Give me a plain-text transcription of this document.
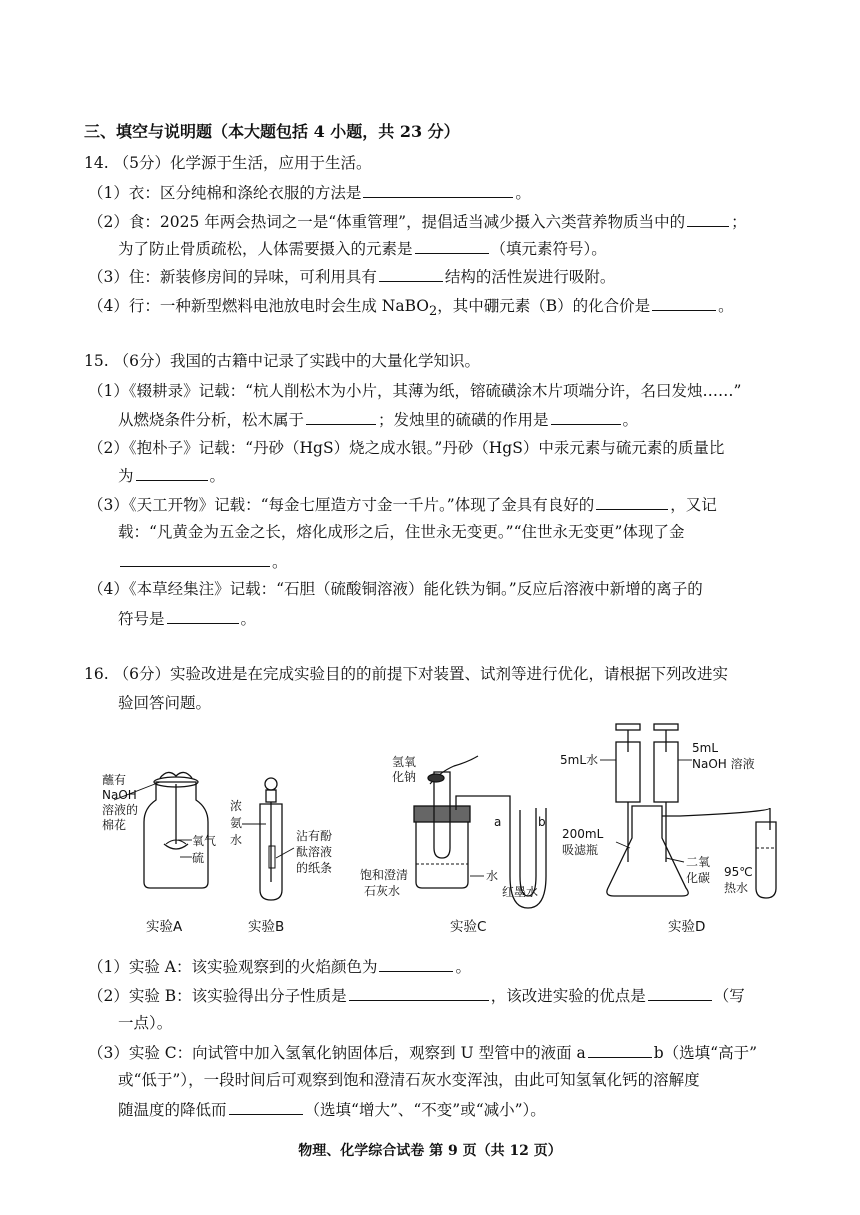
三、填空与说明题（本大题包括 4 小题，共 23 分）
14. （5分）化学源于生活，应用于生活。
（1）衣：区分纯棉和涤纶衣服的方法是	。
（2）食：2025 年两会热词之一是“体重管理”，提倡适当减少摄入六类营养物质当中的	；
为了防止骨质疏松，人体需要摄入的元素是	（填元素符号）。
（3）住：新装修房间的异味，可利用具有	结构的活性炭进行吸附。
（4）行：一种新型燃料电池放电时会生成 NaBO$_2$，其中硼元素（B）的化合价是	。
15. （6分）我国的古籍中记录了实践中的大量化学知识。
（1）《辍耕录》记载：“杭人削松木为小片，其薄为纸，镕硫磺涂木片项端分许，名曰发烛……”
从燃烧条件分析，松木属于	；发烛里的硫磺的作用是	。
（2）《抱朴子》记载：“丹砂（HgS）烧之成水银。”丹砂（HgS）中汞元素与硫元素的质量比
为	。
（3）《天工开物》记载：“每金七厘造方寸金一千片。”体现了金具有良好的	，又记
载：“凡黄金为五金之长，熔化成形之后，住世永无变更。”“住世永无变更”体现了金
。
（4）《本草经集注》记载：“石胆（硫酸铜溶液）能化铁为铜。”反应后溶液中新增的离子的
符号是	。
16. （6分）实验改进是在完成实验目的的前提下对装置、试剂等进行优化，请根据下列改进实
验回答问题。
蘸有
NaOH
溶液的
棉花
氧气
硫
实验A
浓
氨
水	沾有酚
酞溶液
的纸条
实验B
氢氧
化钠
饱和澄清
石灰水
水
红墨水
a	b
实验C
5mL水
5mL
NaOH 溶液
200mL
吸滤瓶
二氧
化碳 95℃
热水
实验D
（1）实验 A：该实验观察到的火焰颜色为	。
（2）实验 B：该实验得出分子性质是	，该改进实验的优点是	（写
一点）。
（3）实验 C：向试管中加入氢氧化钠固体后，观察到 U 型管中的液面 a	b（选填“高于”
或“低于”），一段时间后可观察到饱和澄清石灰水变浑浊，由此可知氢氧化钙的溶解度
随温度的降低而	（选填“增大”、“不变”或“减小”）。
物理、化学综合试卷 第 9 页（共 12 页）
